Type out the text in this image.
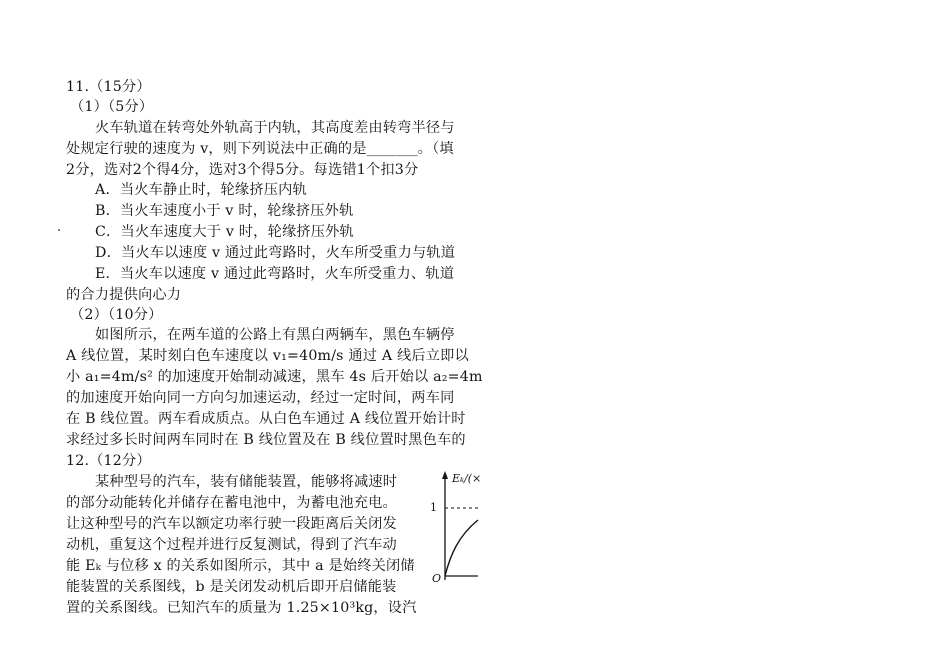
11.（15分）
（1）（5分）
火车轨道在转弯处外轨高于内轨，其高度差由转弯半径与
处规定行驶的速度为 v，则下列说法中正确的是_______。（填
2分，选对2个得4分，选对3个得5分。每选错1个扣3分
A．当火车静止时，轮缘挤压内轨
B．当火车速度小于 v 时，轮缘挤压外轨
C．当火车速度大于 v 时，轮缘挤压外轨
D．当火车以速度 v 通过此弯路时，火车所受重力与轨道
E．当火车以速度 v 通过此弯路时，火车所受重力、轨道
的合力提供向心力
（2）（10分）
如图所示，在两车道的公路上有黑白两辆车，黑色车辆停
A 线位置，某时刻白色车速度以 v₁=40m/s 通过 A 线后立即以
小 a₁=4m/s² 的加速度开始制动减速，黑车 4s 后开始以 a₂=4m
的加速度开始向同一方向匀加速运动，经过一定时间，两车同
在 B 线位置。两车看成质点。从白色车通过 A 线位置开始计时
求经过多长时间两车同时在 B 线位置及在 B 线位置时黑色车的
12.（12分）
某种型号的汽车，装有储能装置，能够将减速时
的部分动能转化并储存在蓄电池中，为蓄电池充电。
让这种型号的汽车以额定功率行驶一段距离后关闭发
动机，重复这个过程并进行反复测试，得到了汽车动
能 Eₖ 与位移 x 的关系如图所示，其中 a 是始终关闭储
能装置的关系图线，b 是关闭发动机后即开启储能装
置的关系图线。已知汽车的质量为 1.25×10³kg，设汽
Eₖ/(×
1
O
